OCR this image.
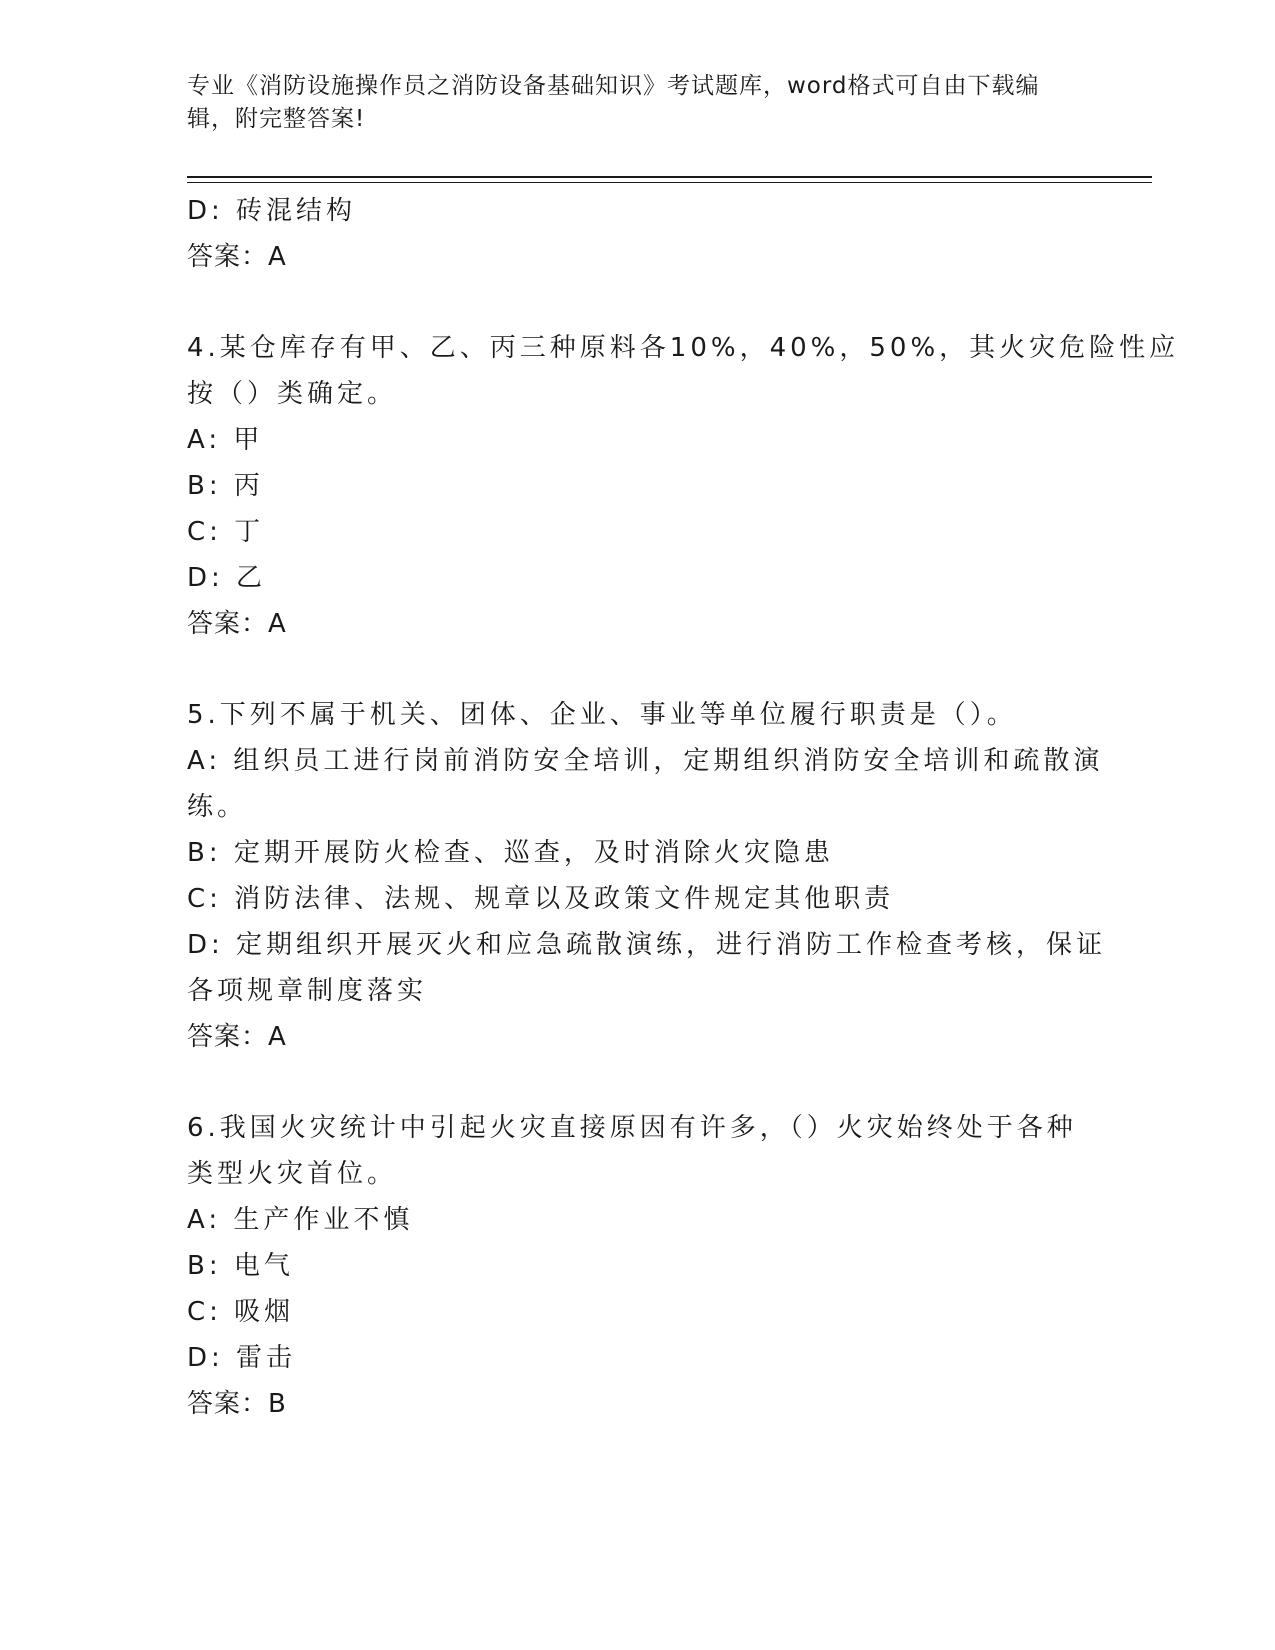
专业《消防设施操作员之消防设备基础知识》考试题库，word格式可自由下载编
辑，附完整答案!
D: 砖混结构
答案：A
4.某仓库存有甲、乙、丙三种原料各10%，40%，50%，其火灾危险性应
按（）类确定。
A: 甲
B: 丙
C: 丁
D: 乙
答案：A
5.下列不属于机关、团体、企业、事业等单位履行职责是（）。
A: 组织员工进行岗前消防安全培训，定期组织消防安全培训和疏散演
练。
B: 定期开展防火检查、巡查，及时消除火灾隐患
C: 消防法律、法规、规章以及政策文件规定其他职责
D: 定期组织开展灭火和应急疏散演练，进行消防工作检查考核，保证
各项规章制度落实
答案：A
6.我国火灾统计中引起火灾直接原因有许多，（）火灾始终处于各种
类型火灾首位。
A: 生产作业不慎
B: 电气
C: 吸烟
D: 雷击
答案：B
